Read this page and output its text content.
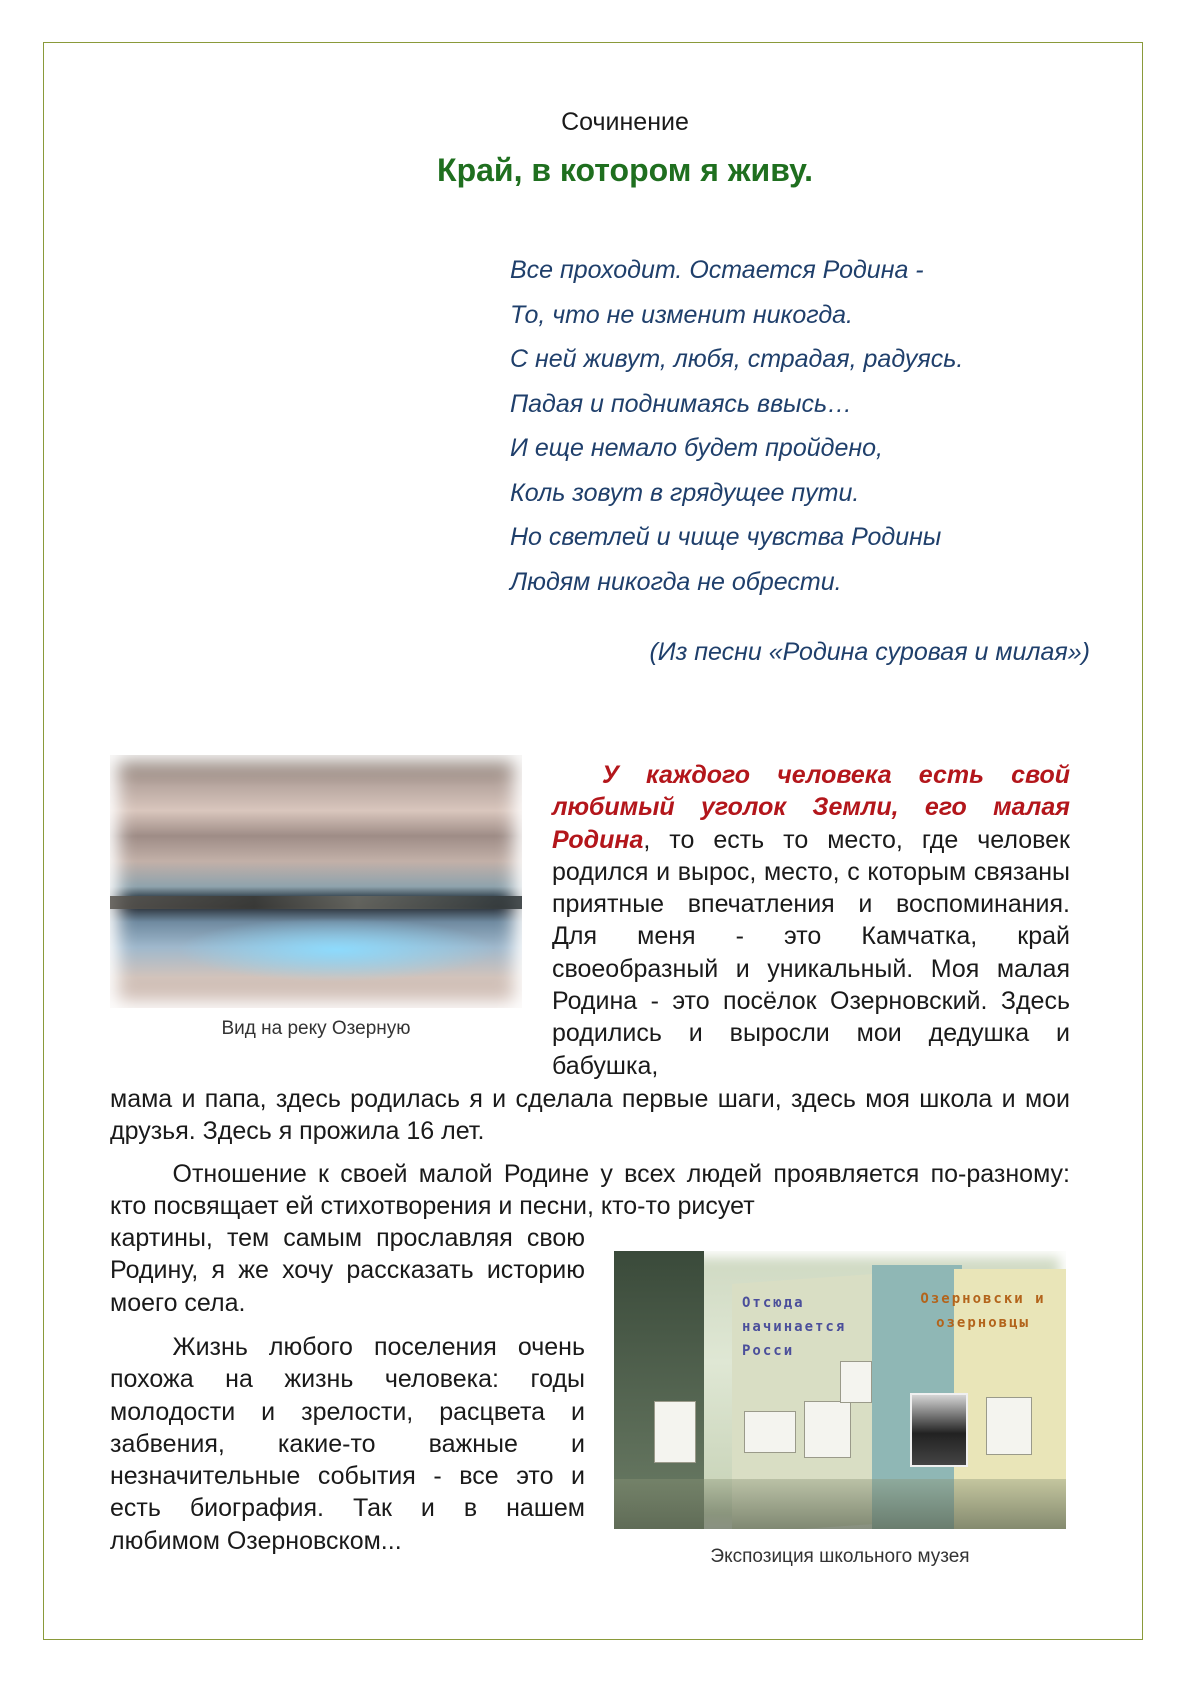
Сочинение
Край, в котором я живу.
Все проходит. Остается Родина -
То, что не изменит никогда.
С ней живут, любя, страдая, радуясь.
Падая и поднимаясь ввысь…
И еще немало будет пройдено,
Коль зовут в грядущее пути.
Но светлей и чище чувства Родины
Людям никогда не обрести.
(Из песни «Родина суровая и милая»)
Вид на реку Озерную
  У каждого человека есть свой любимый уголок Земли, его малая Родина, то есть то место, где человек родился и вырос, место, с которым связаны приятные впечатления и воспоминания. Для меня - это Камчатка, край своеобразный и уникальный. Моя малая Родина - это посёлок Озерновский. Здесь родились и выросли мои дедушка и бабушка,
мама и папа, здесь родилась я и сделала первые шаги, здесь моя школа и мои друзья. Здесь я прожила 16 лет.
   Отношение к своей малой Родине у всех людей проявляется по-разному: кто посвящает ей стихотворения и песни, кто-то рисует
картины, тем самым прославляя свою Родину, я же хочу рассказать историю моего села.
   Жизнь любого поселения очень похожа на жизнь человека: годы молодости и зрелости, расцвета и забвения, какие-то важные и незначительные события - все это и есть биография. Так и в нашем любимом Озерновском...
Отсюда начинается Росси
Озерновски и озерновцы
Экспозиция школьного музея
